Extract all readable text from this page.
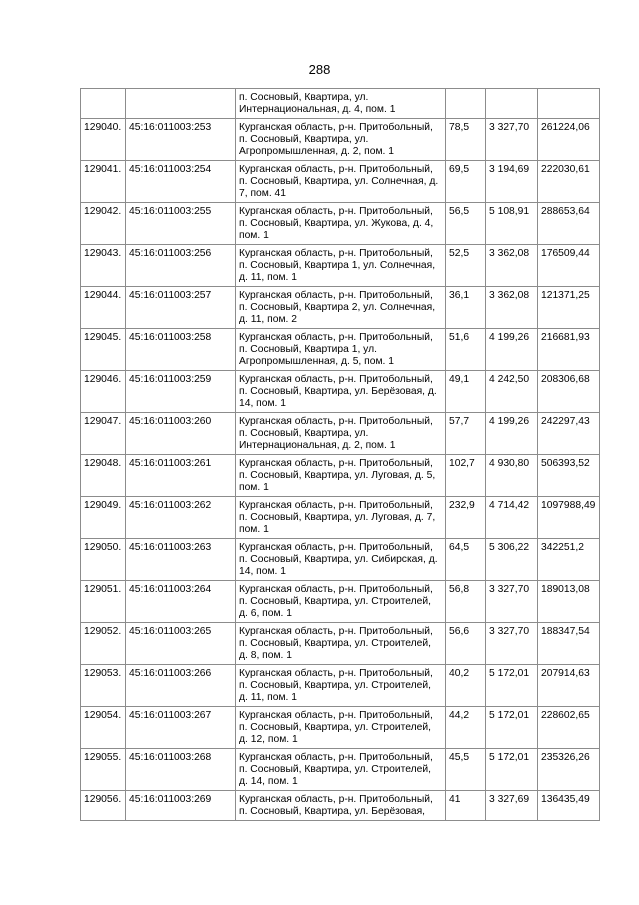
288
		п. Сосновый, Квартира, ул. Интернациональная, д. 4, пом. 1			
129040.	45:16:011003:253	Курганская область, р-н. Притобольный, п. Сосновый, Квартира, ул. Агропромышленная, д. 2, пом. 1	78,5	3 327,70	261224,06
129041.	45:16:011003:254	Курганская область, р-н. Притобольный, п. Сосновый, Квартира, ул. Солнечная, д. 7, пом. 41	69,5	3 194,69	222030,61
129042.	45:16:011003:255	Курганская область, р-н. Притобольный, п. Сосновый, Квартира, ул. Жукова, д. 4, пом. 1	56,5	5 108,91	288653,64
129043.	45:16:011003:256	Курганская область, р-н. Притобольный, п. Сосновый, Квартира 1, ул. Солнечная, д. 11, пом. 1	52,5	3 362,08	176509,44
129044.	45:16:011003:257	Курганская область, р-н. Притобольный, п. Сосновый, Квартира 2, ул. Солнечная, д. 11, пом. 2	36,1	3 362,08	121371,25
129045.	45:16:011003:258	Курганская область, р-н. Притобольный, п. Сосновый, Квартира 1, ул. Агропромышленная, д. 5, пом. 1	51,6	4 199,26	216681,93
129046.	45:16:011003:259	Курганская область, р-н. Притобольный, п. Сосновый, Квартира, ул. Берёзовая, д. 14, пом. 1	49,1	4 242,50	208306,68
129047.	45:16:011003:260	Курганская область, р-н. Притобольный, п. Сосновый, Квартира, ул. Интернациональная, д. 2, пом. 1	57,7	4 199,26	242297,43
129048.	45:16:011003:261	Курганская область, р-н. Притобольный, п. Сосновый, Квартира, ул. Луговая, д. 5, пом. 1	102,7	4 930,80	506393,52
129049.	45:16:011003:262	Курганская область, р-н. Притобольный, п. Сосновый, Квартира, ул. Луговая, д. 7, пом. 1	232,9	4 714,42	1097988,49
129050.	45:16:011003:263	Курганская область, р-н. Притобольный, п. Сосновый, Квартира, ул. Сибирская, д. 14, пом. 1	64,5	5 306,22	342251,2
129051.	45:16:011003:264	Курганская область, р-н. Притобольный, п. Сосновый, Квартира, ул. Строителей, д. 6, пом. 1	56,8	3 327,70	189013,08
129052.	45:16:011003:265	Курганская область, р-н. Притобольный, п. Сосновый, Квартира, ул. Строителей, д. 8, пом. 1	56,6	3 327,70	188347,54
129053.	45:16:011003:266	Курганская область, р-н. Притобольный, п. Сосновый, Квартира, ул. Строителей, д. 11, пом. 1	40,2	5 172,01	207914,63
129054.	45:16:011003:267	Курганская область, р-н. Притобольный, п. Сосновый, Квартира, ул. Строителей, д. 12, пом. 1	44,2	5 172,01	228602,65
129055.	45:16:011003:268	Курганская область, р-н. Притобольный, п. Сосновый, Квартира, ул. Строителей, д. 14, пом. 1	45,5	5 172,01	235326,26
129056.	45:16:011003:269	Курганская область, р-н. Притобольный, п. Сосновый, Квартира, ул. Берёзовая,	41	3 327,69	136435,49
